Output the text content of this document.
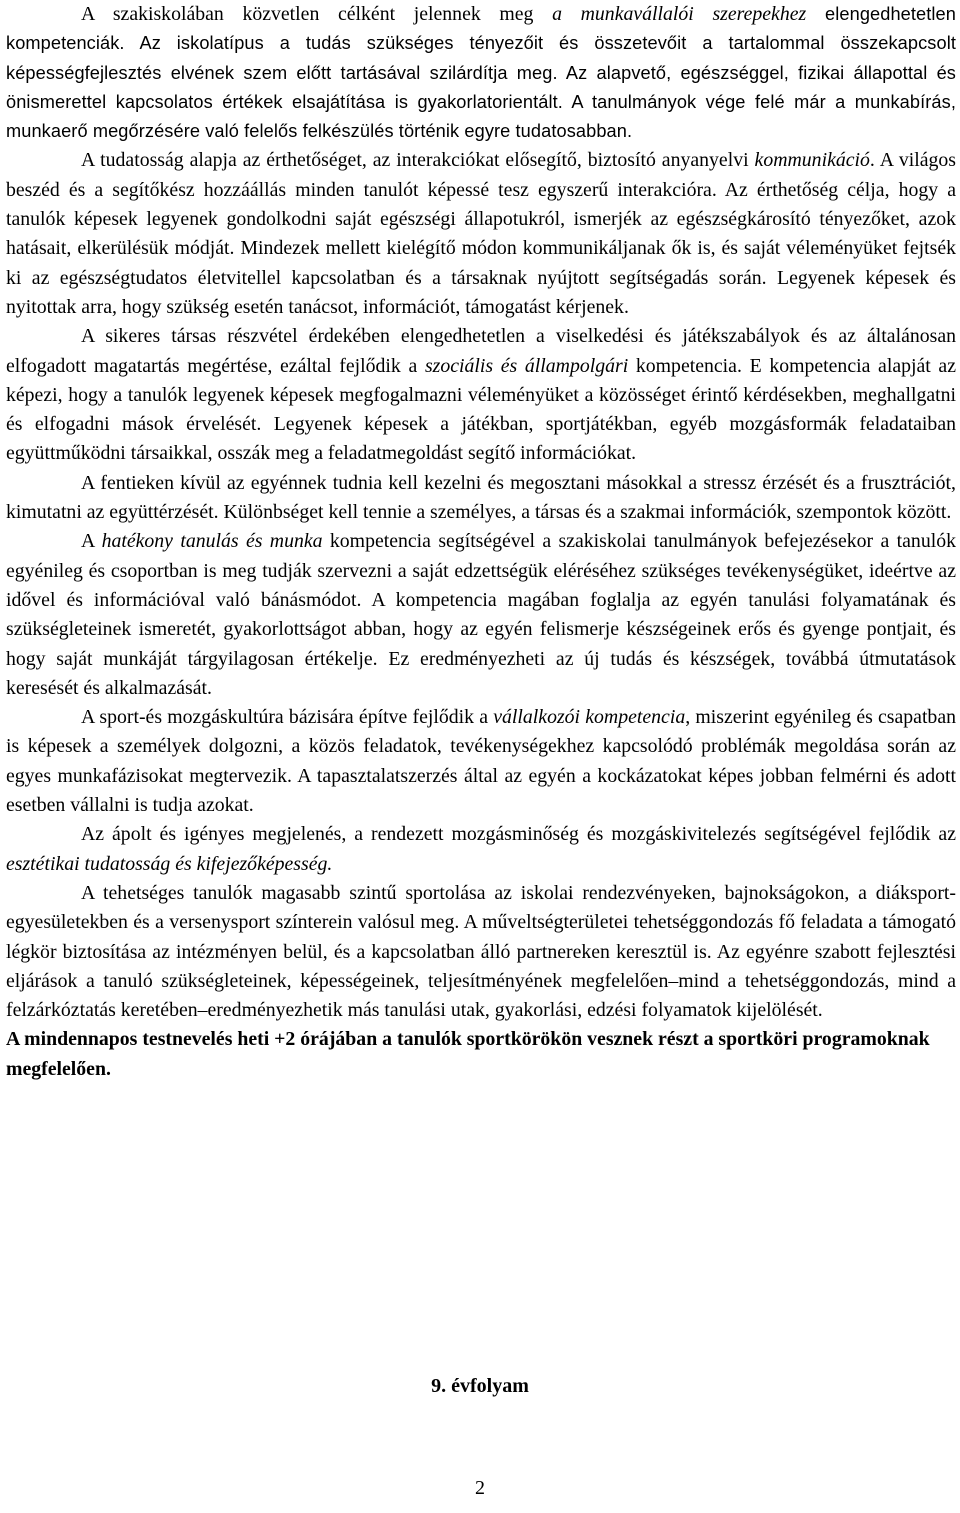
A szakiskolában közvetlen célként jelennek meg a munkavállalói szerepekhez elengedhetetlen kompetenciák. Az iskolatípus a tudás szükséges tényezőit és összetevőit a tartalommal összekapcsolt képességfejlesztés elvének szem előtt tartásával szilárdítja meg. Az alapvető, egészséggel, fizikai állapottal és önismerettel kapcsolatos értékek elsajátítása is gyakorlatorientált. A tanulmányok vége felé már a munkabírás, munkaerő megőrzésére való felelős felkészülés történik egyre tudatosabban.

A tudatosság alapja az érthetőséget, az interakciókat elősegítő, biztosító anyanyelvi kommunikáció. A világos beszéd és a segítőkész hozzáállás minden tanulót képessé tesz egyszerű interakcióra. Az érthetőség célja, hogy a tanulók képesek legyenek gondolkodni saját egészségi állapotukról, ismerjék az egészségkárosító tényezőket, azok hatásait, elkerülésük módját. Mindezek mellett kielégítő módon kommunikáljanak ők is, és saját véleményüket fejtsék ki az egészségtudatos életvitellel kapcsolatban és a társaknak nyújtott segítségadás során. Legyenek képesek és nyitottak arra, hogy szükség esetén tanácsot, információt, támogatást kérjenek.

A sikeres társas részvétel érdekében elengedhetetlen a viselkedési és játékszabályok és az általánosan elfogadott magatartás megértése, ezáltal fejlődik a szociális és állampolgári kompetencia. E kompetencia alapját az képezi, hogy a tanulók legyenek képesek megfogalmazni véleményüket a közösséget érintő kérdésekben, meghallgatni és elfogadni mások érvelését. Legyenek képesek a játékban, sportjátékban, egyéb mozgásformák feladataiban együttműködni társaikkal, osszák meg a feladatmegoldást segítő információkat.

A fentieken kívül az egyénnek tudnia kell kezelni és megosztani másokkal a stressz érzését és a frusztrációt, kimutatni az együttérzését. Különbséget kell tennie a személyes, a társas és a szakmai információk, szempontok között.

A hatékony tanulás és munka kompetencia segítségével a szakiskolai tanulmányok befejezésekor a tanulók egyénileg és csoportban is meg tudják szervezni a saját edzettségük eléréséhez szükséges tevékenységüket, ideértve az idővel és információval való bánásmódot. A kompetencia magában foglalja az egyén tanulási folyamatának és szükségleteinek ismeretét, gyakorlottságot abban, hogy az egyén felismerje készségeinek erős és gyenge pontjait, és hogy saját munkáját tárgyilagosan értékelje. Ez eredményezheti az új tudás és készségek, továbbá útmutatások keresését és alkalmazását.

A sport-és mozgáskultúra bázisára építve fejlődik a vállalkozói kompetencia, miszerint egyénileg és csapatban is képesek a személyek dolgozni, a közös feladatok, tevékenységekhez kapcsolódó problémák megoldása során az egyes munkafázisokat megtervezik. A tapasztalatszerzés által az egyén a kockázatokat képes jobban felmérni és adott esetben vállalni is tudja azokat.

Az ápolt és igényes megjelenés, a rendezett mozgásminőség és mozgáskivitelezés segítségével fejlődik az esztétikai tudatosság és kifejezőképesség.

A tehetséges tanulók magasabb szintű sportolása az iskolai rendezvényeken, bajnokságokon, a diáksport-egyesületekben és a versenysport színterein valósul meg. A műveltségterületei tehetséggondozás fő feladata a támogató légkör biztosítása az intézményen belül, és a kapcsolatban álló partnereken keresztül is. Az egyénre szabott fejlesztési eljárások a tanuló szükségleteinek, képességeinek, teljesítményének megfelelően–mind a tehetséggondozás, mind a felzárkóztatás keretében–eredményezhetik más tanulási utak, gyakorlási, edzési folyamatok kijelölését.

A mindennapos testnevelés heti +2 órájában a tanulók sportkörökön vesznek részt a sportköri programoknak megfelelően.

9. évfolyam
2
